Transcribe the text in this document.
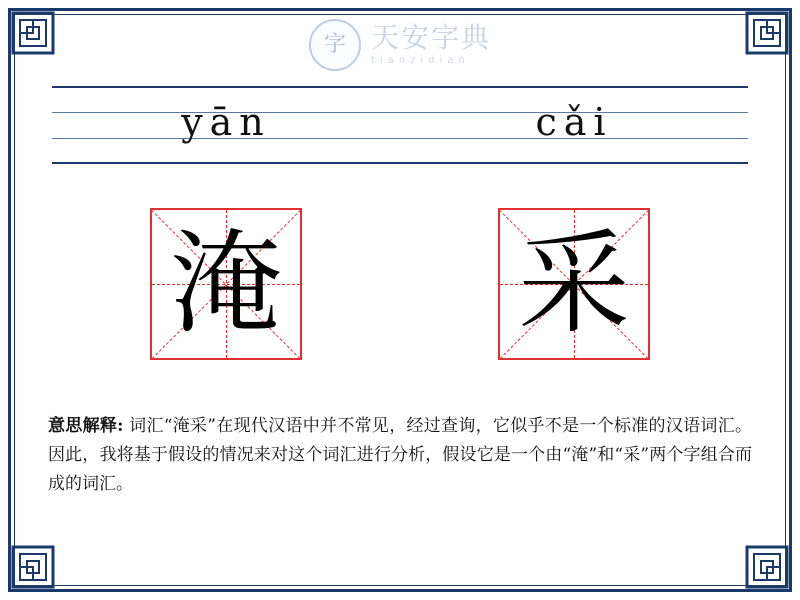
字 天安字典
tianzidian
yān	cǎi
淹 采
意思解释: 词汇“淹采”在现代汉语中并不常见，经过查询，它似乎不是一个标准的汉语词汇。因此，我将基于假设的情况来对这个词汇进行分析，假设它是一个由“淹”和“采”两个字组合而成的词汇。
